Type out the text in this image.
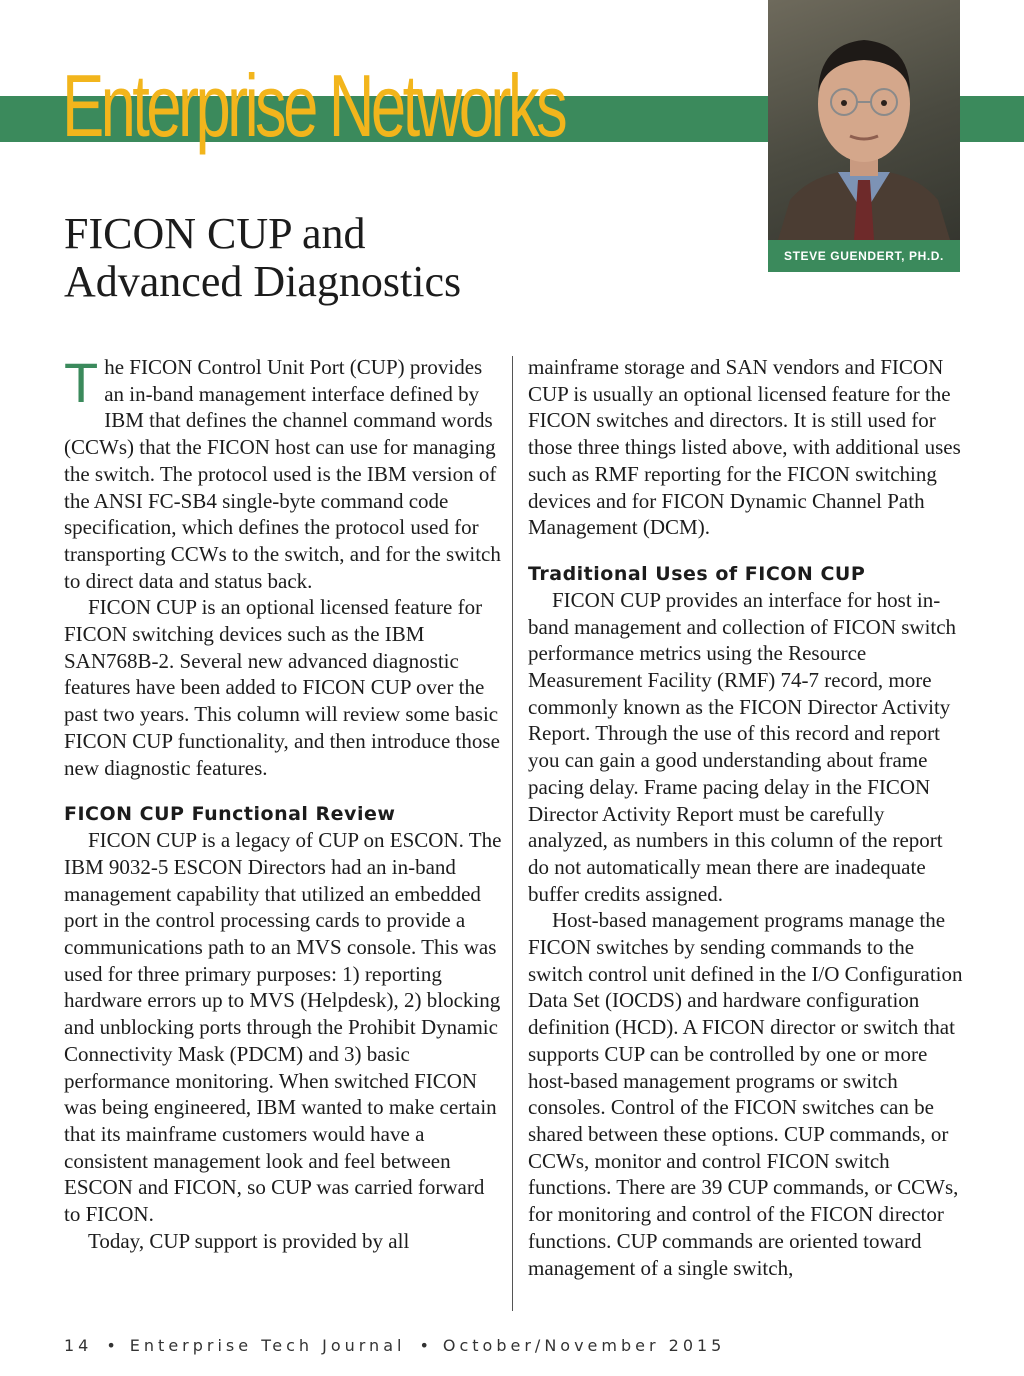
Enterprise Networks
STEVE GUENDERT, PH.D.
FICON CUP and
Advanced Diagnostics

The FICON Control Unit Port (CUP) provides an in-band management interface defined by IBM that defines the channel command words (CCWs) that the FICON host can use for managing the switch. The protocol used is the IBM version of the ANSI FC-SB4 single-byte command code specification, which defines the protocol used for transporting CCWs to the switch, and for the switch to direct data and status back.

FICON CUP is an optional licensed feature for FICON switching devices such as the IBM SAN768B-2. Several new advanced diagnostic features have been added to FICON CUP over the past two years. This column will review some basic FICON CUP functionality, and then introduce those new diagnostic features.

FICON CUP Functional Review

FICON CUP is a legacy of CUP on ESCON. The IBM 9032-5 ESCON Directors had an in-band management capability that utilized an embedded port in the control processing cards to provide a communications path to an MVS console. This was used for three primary purposes: 1) reporting hardware errors up to MVS (Helpdesk), 2) blocking and unblocking ports through the Prohibit Dynamic Connectivity Mask (PDCM) and 3) basic performance monitoring. When switched FICON was being engineered, IBM wanted to make certain that its mainframe customers would have a consistent management look and feel between ESCON and FICON, so CUP was carried forward to FICON.

Today, CUP support is provided by all

mainframe storage and SAN vendors and FICON CUP is usually an optional licensed feature for the FICON switches and directors. It is still used for those three things listed above, with additional uses such as RMF reporting for the FICON switching devices and for FICON Dynamic Channel Path Management (DCM).

Traditional Uses of FICON CUP

FICON CUP provides an interface for host in-band management and collection of FICON switch performance metrics using the Resource Measurement Facility (RMF) 74-7 record, more commonly known as the FICON Director Activity Report. Through the use of this record and report you can gain a good understanding about frame pacing delay. Frame pacing delay in the FICON Director Activity Report must be carefully analyzed, as numbers in this column of the report do not automatically mean there are inadequate buffer credits assigned.

Host-based management programs manage the FICON switches by sending commands to the switch control unit defined in the I/O Configuration Data Set (IOCDS) and hardware configuration definition (HCD). A FICON director or switch that supports CUP can be controlled by one or more host-based management programs or switch consoles. Control of the FICON switches can be shared between these options. CUP commands, or CCWs, monitor and control FICON switch functions. There are 39 CUP commands, or CCWs, for monitoring and control of the FICON director functions. CUP commands are oriented toward management of a single switch,

14 • Enterprise Tech Journal • October/November 2015
